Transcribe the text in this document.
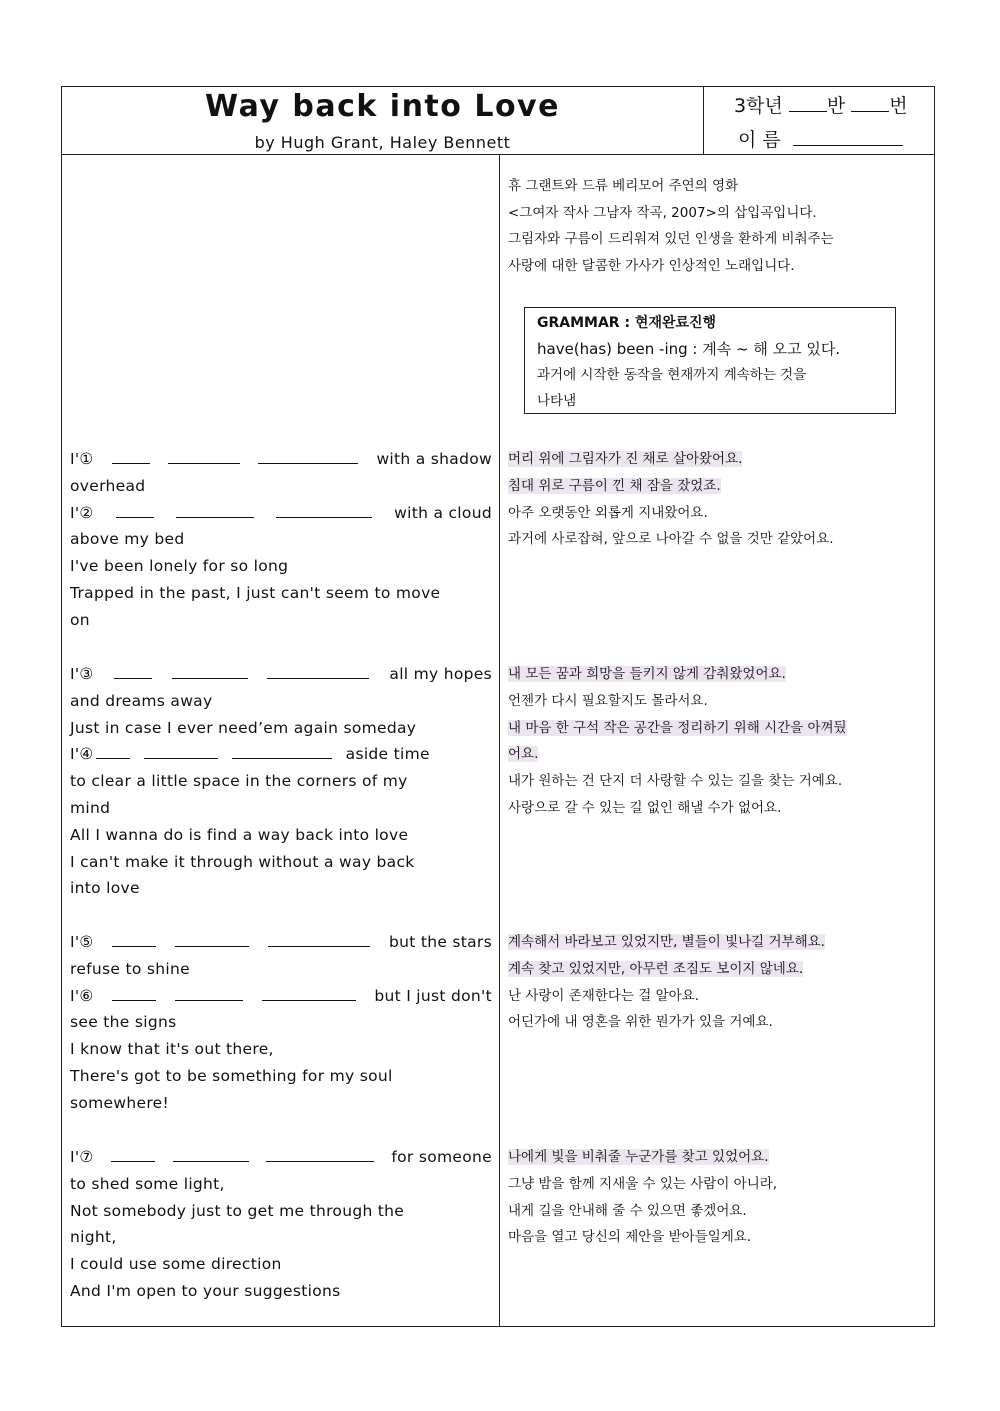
Way back into Love
by Hugh Grant, Haley Bennett
3학년 반 번
이 름
휴 그랜트와 드류 베리모어 주연의 영화
<그여자 작사 그남자 작곡, 2007>의 삽입곡입니다.
그림자와 구름이 드리워져 있던 인생을 환하게 비춰주는
사랑에 대한 달콤한 가사가 인상적인 노래입니다.
GRAMMAR : 현재완료진행
have(has) been -ing : 계속 ~ 해 오고 있다.
과거에 시작한 동작을 현재까지 계속하는 것을
나타냄
I'①	with a shadow
overhead
I'②	with a cloud
above my bed
I've been lonely for so long
Trapped in the past, I just can't seem to move
on
머리 위에 그림자가 진 채로 살아왔어요.
침대 위로 구름이 낀 채 잠을 잤었죠.
아주 오랫동안 외롭게 지내왔어요.
과거에 사로잡혀, 앞으로 나아갈 수 없을 것만 같았어요.
I'③	all my hopes
and dreams away
Just in case I ever need’em again someday
I'④	aside time
to clear a little space in the corners of my
mind
All I wanna do is find a way back into love
I can't make it through without a way back
into love
내 모든 꿈과 희망을 들키지 않게 감춰왔었어요.
언젠가 다시 필요할지도 몰라서요.
내 마음 한 구석 작은 공간을 정리하기 위해 시간을 아껴뒀
어요.
내가 원하는 건 단지 더 사랑할 수 있는 길을 찾는 거예요.
사랑으로 갈 수 있는 길 없인 해낼 수가 없어요.
I'⑤	but the stars
refuse to shine
I'⑥	but I just don't
see the signs
I know that it's out there,
There's got to be something for my soul
somewhere!
계속해서 바라보고 있었지만, 별들이 빛나길 거부해요.
계속 찾고 있었지만, 아무런 조짐도 보이지 않네요.
난 사랑이 존재한다는 걸 알아요.
어딘가에 내 영혼을 위한 뭔가가 있을 거예요.
I'⑦	for someone
to shed some light,
Not somebody just to get me through the
night,
I could use some direction
And I'm open to your suggestions
나에게 빛을 비춰줄 누군가를 찾고 있었어요.
그냥 밤을 함께 지새울 수 있는 사람이 아니라,
내게 길을 안내해 줄 수 있으면 좋겠어요.
마음을 열고 당신의 제안을 받아들일게요.
